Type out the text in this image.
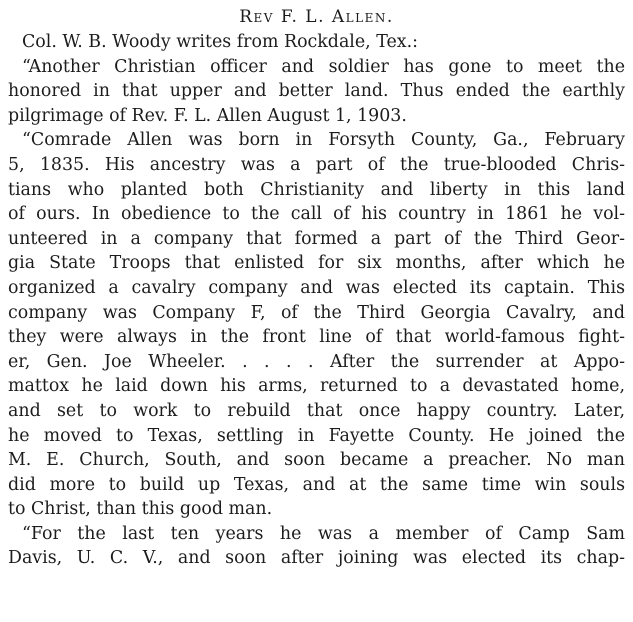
Rev F. L. Allen.
Col. W. B. Woody writes from Rockdale, Tex.:
“Another Christian officer and soldier has gone to meet the
honored in that upper and better land. Thus ended the earthly
pilgrimage of Rev. F. L. Allen August 1, 1903.
“Comrade Allen was born in Forsyth County, Ga., February
5, 1835. His ancestry was a part of the true-blooded Chris-
tians who planted both Christianity and liberty in this land
of ours. In obedience to the call of his country in 1861 he vol-
unteered in a company that formed a part of the Third Geor-
gia State Troops that enlisted for six months, after which he
organized a cavalry company and was elected its captain. This
company was Company F, of the Third Georgia Cavalry, and
they were always in the front line of that world-famous fight-
er, Gen. Joe Wheeler. . . . . After the surrender at Appo-
mattox he laid down his arms, returned to a devastated home,
and set to work to rebuild that once happy country. Later,
he moved to Texas, settling in Fayette County. He joined the
M. E. Church, South, and soon became a preacher. No man
did more to build up Texas, and at the same time win souls
to Christ, than this good man.
“For the last ten years he was a member of Camp Sam
Davis, U. C. V., and soon after joining was elected its chap-
